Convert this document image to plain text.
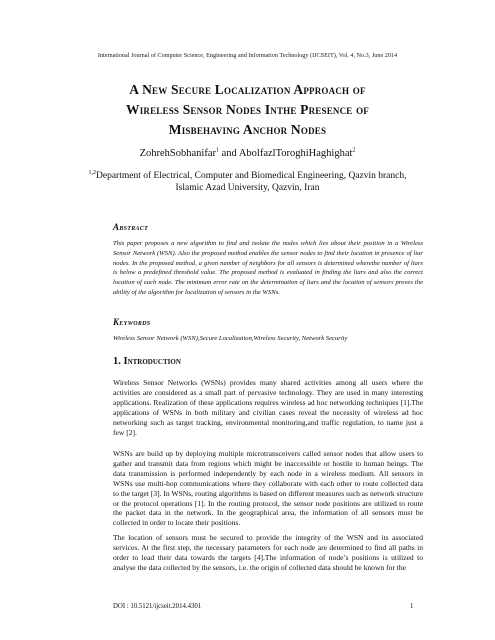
International Journal of Computer Science, Engineering and Information Technology (IJCSEIT), Vol. 4, No.3, June 2014
A New Secure Localization Approach of
Wireless Sensor Nodes Inthe Presence of
Misbehaving Anchor Nodes
ZohrehSobhanifar$^1$ and AbolfazlToroghiHaghighat$^2$
$^{1,2}$Department of Electrical, Computer and Biomedical Engineering, Qazvin branch,
Islamic Azad University, Qazvin, Iran
Abstract
This paper proposes a new algorithm to find and isolate the nodes which lies about their position in a Wireless Sensor Network (WSN). Also the proposed method enables the sensor nodes to find their location in presence of liar nodes. In the proposed method, a given number of neighbors for all sensors is determined wherethe number of liars is below a predefined threshold value. The proposed method is evaluated in finding the liars and also the correct location of each node. The minimum error rate on the determination of liars and the location of sensors proves the ability of the algorithm for localization of sensors in the WSNs.
Keywords
Wireless Sensor Network (WSN),Secure Localization,Wireless Security, Network Security
1. Introduction
Wireless Sensor Networks (WSNs) provides many shared activities among all users where the activities are considered as a small part of pervasive technology. They are used in many interesting applications. Realization of these applications requires wireless ad hoc networking techniques [1].The applications of WSNs in both military and civilian cases reveal the necessity of wireless ad hoc networking such as target tracking, environmental monitoring,and traffic regulation, to name just a few [2].
WSNs are build up by deploying multiple microtransceivers called sensor nodes that allow users to gather and transmit data from regions which might be inaccessible or hostile to human beings. The data transmission is performed independently by each node in a wireless medium. All sensors in WSNs use multi-hop communications where they collaborate with each other to route collected data to the target [3]. In WSNs, routing algorithms is based on different measures such as network structure or the protocol operations [1]. In the routing protocol, the sensor node positions are utilized to route the packet data in the network. In the geographical area, the information of all sensors must be collected in order to locate their positions.
The location of sensors must be secured to provide the integrity of the WSN and its associated services. At the first step, the necessary parameters for each node are determined to find all paths in order to lead their data towards the targets [4].The information of node’s positions is utilized to analyse the data collected by the sensors, i.e. the origin of collected data should be known for the
DOI : 10.5121/ijcseit.2014.4301	1
